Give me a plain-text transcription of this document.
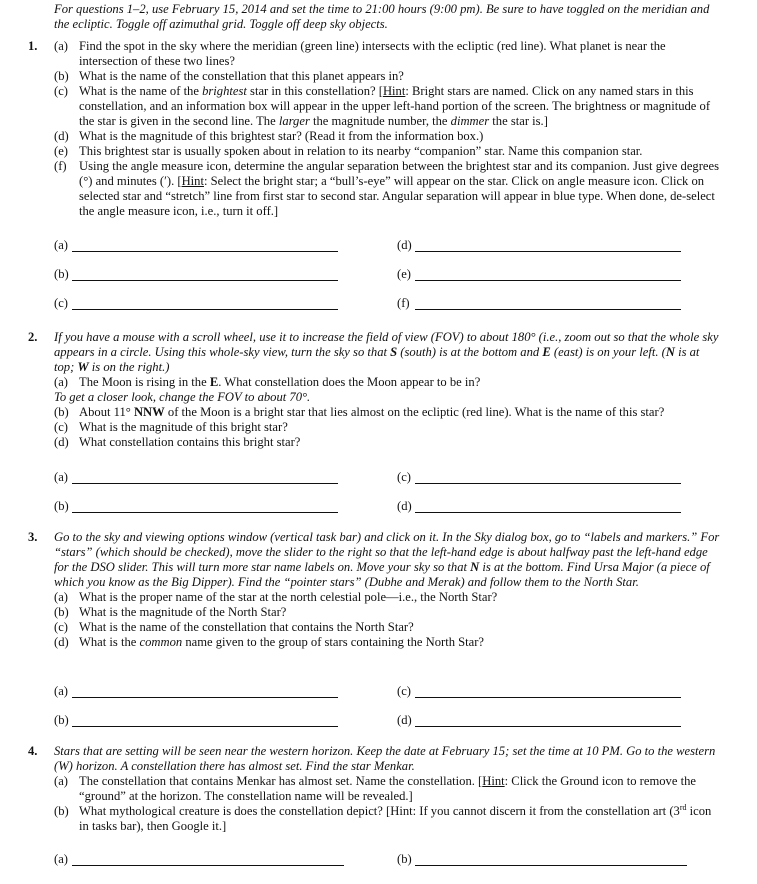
For questions 1–2, use February 15, 2014 and set the time to 21:00 hours (9:00 pm). Be sure to have toggled on the meridian and the ecliptic. Toggle off azimuthal grid. Toggle off deep sky objects.
1. (a) Find the spot in the sky where the meridian (green line) intersects with the ecliptic (red line). What planet is near the intersection of these two lines?
(b) What is the name of the constellation that this planet appears in?
(c) What is the name of the brightest star in this constellation? [Hint: Bright stars are named. Click on any named stars in this constellation, and an information box will appear in the upper left-hand portion of the screen. The brightness or magnitude of the star is given in the second line. The larger the magnitude number, the dimmer the star is.]
(d) What is the magnitude of this brightest star? (Read it from the information box.)
(e) This brightest star is usually spoken about in relation to its nearby “companion” star. Name this companion star.
(f) Using the angle measure icon, determine the angular separation between the brightest star and its companion. Just give degrees (°) and minutes (′). [Hint: Select the bright star; a “bull’s-eye” will appear on the star. Click on angle measure icon. Click on selected star and “stretch” line from first star to second star. Angular separation will appear in blue type. When done, de-select the angle measure icon, i.e., turn it off.]
(a)	(d)
(b)	(e)
(c)	(f)
2. If you have a mouse with a scroll wheel, use it to increase the field of view (FOV) to about 180° (i.e., zoom out so that the whole sky appears in a circle. Using this whole-sky view, turn the sky so that S (south) is at the bottom and E (east) is on your left. (N is at top; W is on the right.)
(a) The Moon is rising in the E. What constellation does the Moon appear to be in?
To get a closer look, change the FOV to about 70°.
(b) About 11° NNW of the Moon is a bright star that lies almost on the ecliptic (red line). What is the name of this star?
(c) What is the magnitude of this bright star?
(d) What constellation contains this bright star?
(a)	(c)
(b)	(d)
3. Go to the sky and viewing options window (vertical task bar) and click on it. In the Sky dialog box, go to “labels and markers.” For “stars” (which should be checked), move the slider to the right so that the left-hand edge is about halfway past the left-hand edge for the DSO slider. This will turn more star name labels on. Move your sky so that N is at the bottom. Find Ursa Major (a piece of which you know as the Big Dipper). Find the “pointer stars” (Dubhe and Merak) and follow them to the North Star.
(a) What is the proper name of the star at the north celestial pole—i.e., the North Star?
(b) What is the magnitude of the North Star?
(c) What is the name of the constellation that contains the North Star?
(d) What is the common name given to the group of stars containing the North Star?
(a)	(c)
(b)	(d)
4. Stars that are setting will be seen near the western horizon. Keep the date at February 15; set the time at 10 PM. Go to the western (W) horizon. A constellation there has almost set. Find the star Menkar.
(a) The constellation that contains Menkar has almost set. Name the constellation. [Hint: Click the Ground icon to remove the “ground” at the horizon. The constellation name will be revealed.]
(b) What mythological creature is does the constellation depict? [Hint: If you cannot discern it from the constellation art (3rd icon in tasks bar), then Google it.]
(a)	(b)
